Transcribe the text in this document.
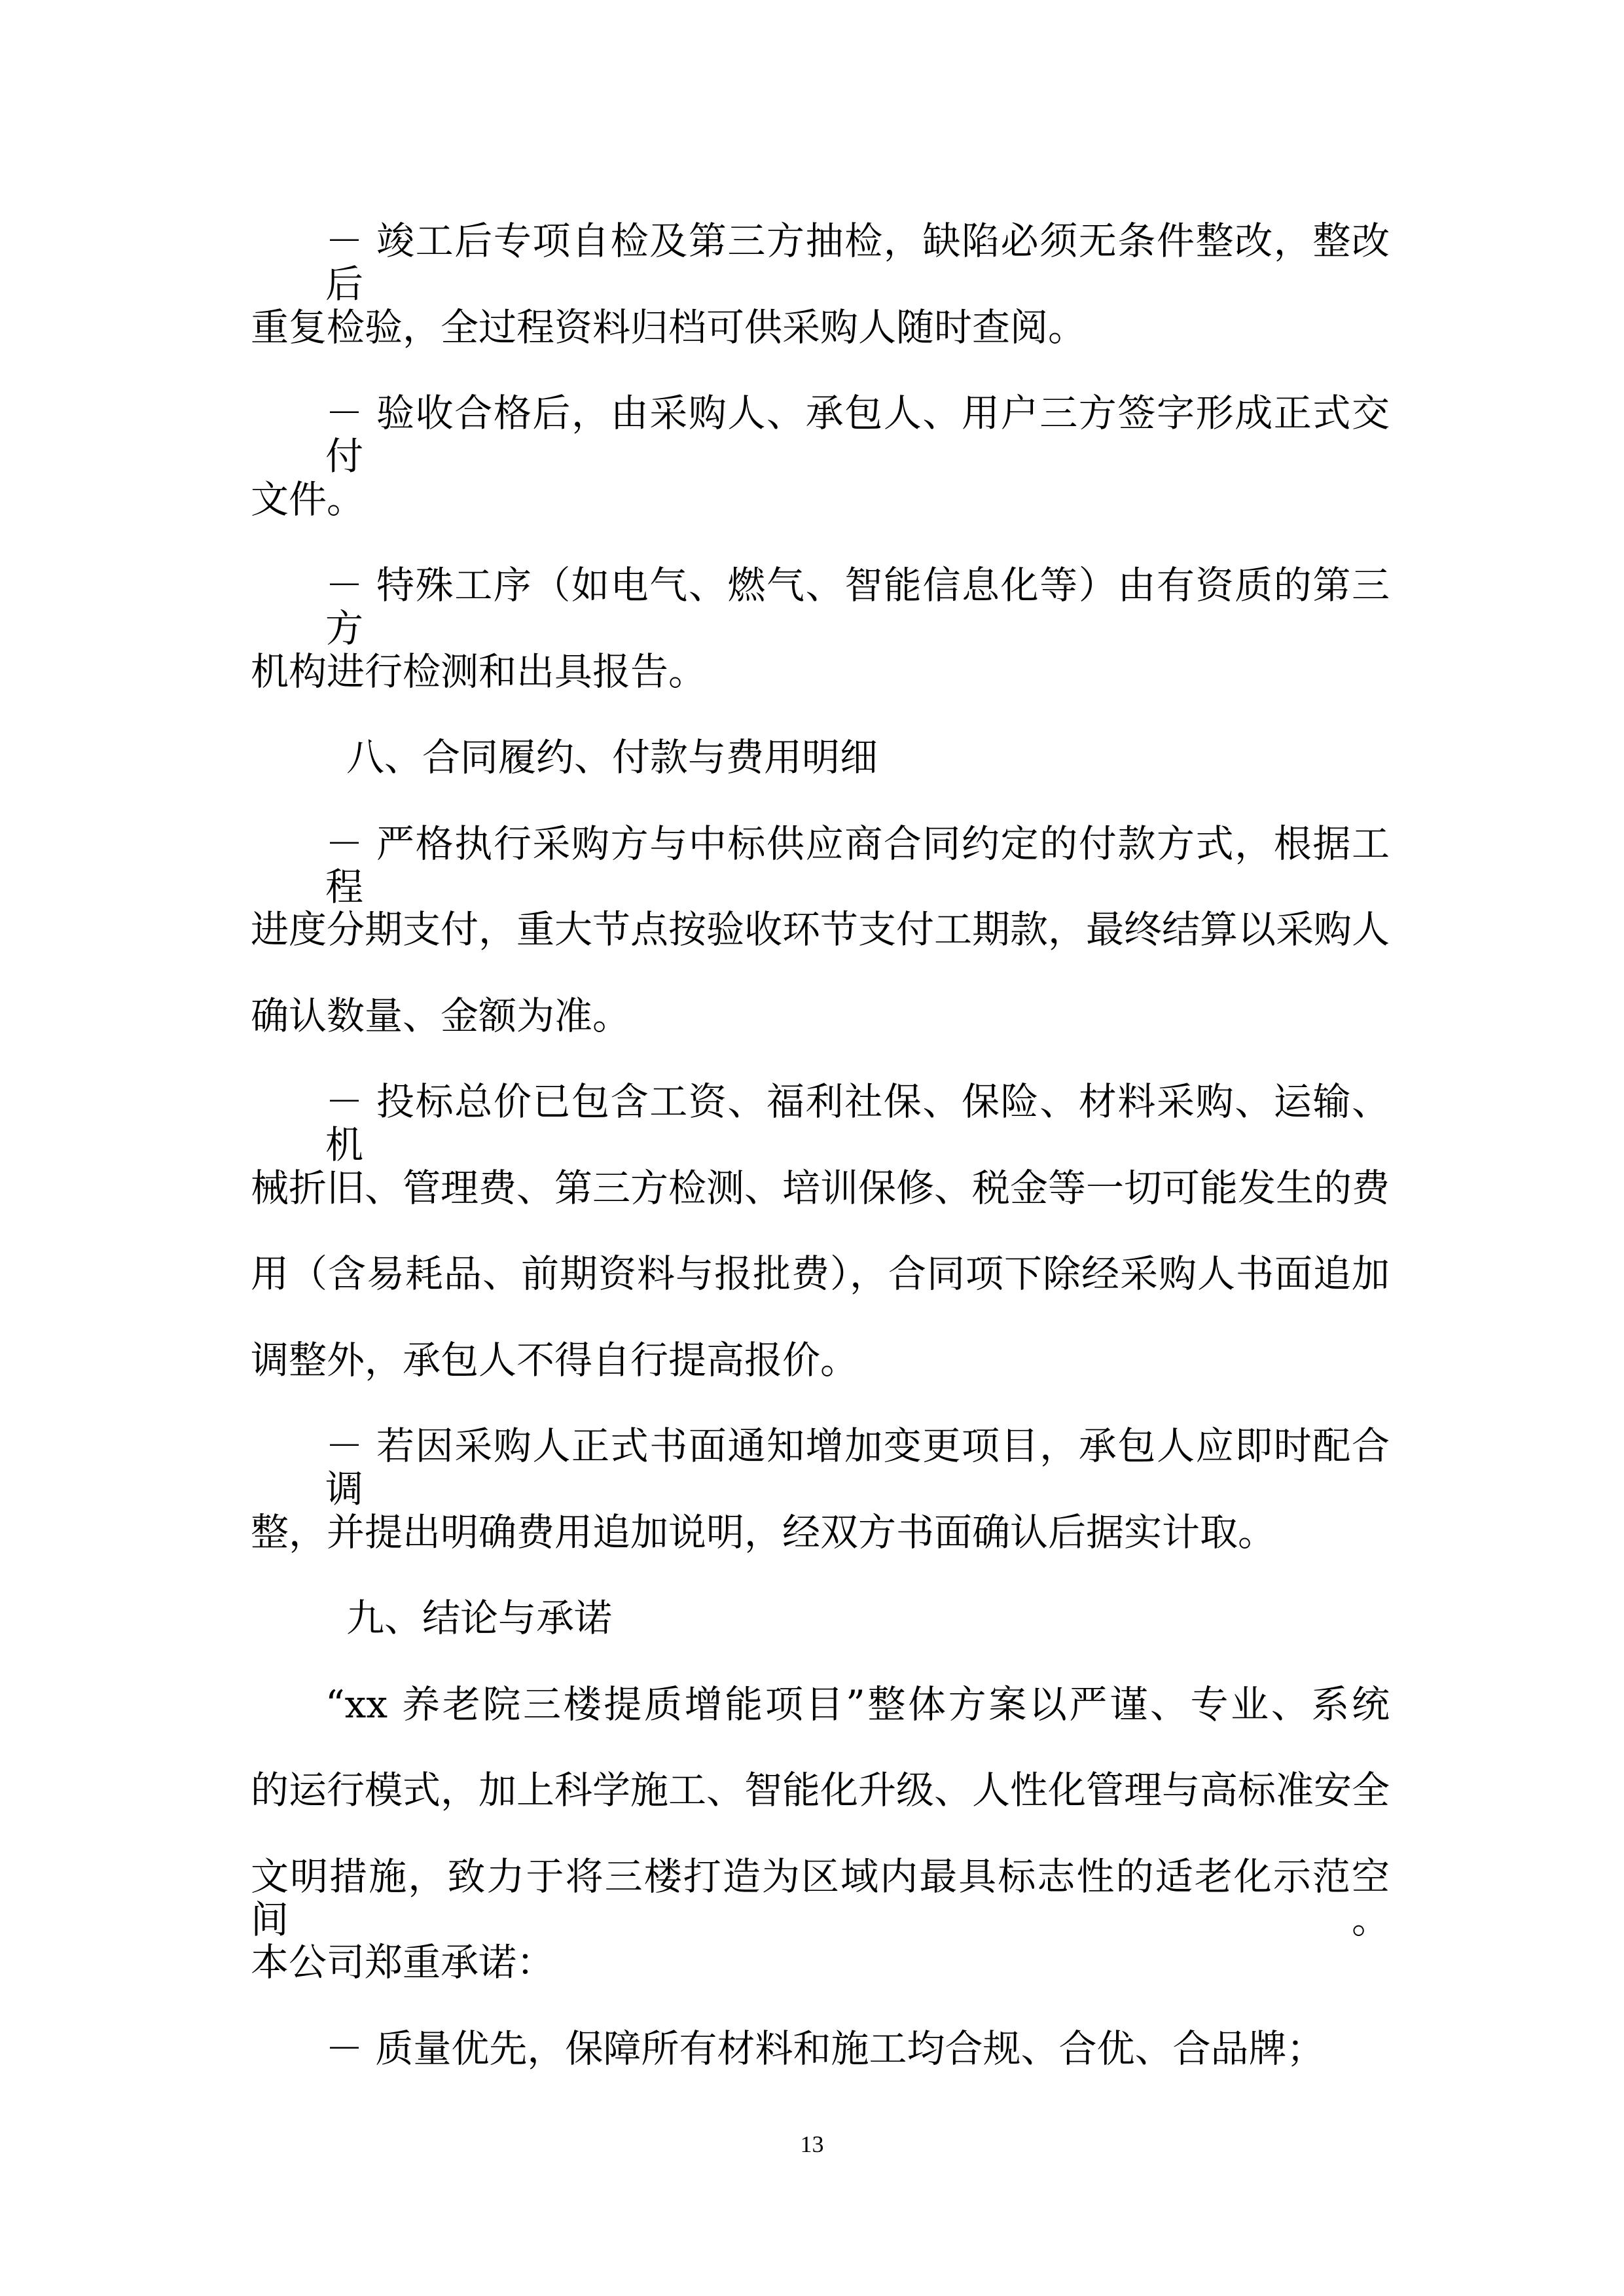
－ 竣工后专项自检及第三方抽检，缺陷必须无条件整改，整改后
重复检验，全过程资料归档可供采购人随时查阅。
－ 验收合格后，由采购人、承包人、用户三方签字形成正式交付
文件。
－ 特殊工序（如电气、燃气、智能信息化等）由有资质的第三方
机构进行检测和出具报告。
八、合同履约、付款与费用明细
－ 严格执行采购方与中标供应商合同约定的付款方式，根据工程
进度分期支付，重大节点按验收环节支付工期款，最终结算以采购人
确认数量、金额为准。
－ 投标总价已包含工资、福利社保、保险、材料采购、运输、机
械折旧、管理费、第三方检测、培训保修、税金等一切可能发生的费
用（含易耗品、前期资料与报批费），合同项下除经采购人书面追加
调整外，承包人不得自行提高报价。
－ 若因采购人正式书面通知增加变更项目，承包人应即时配合调
整，并提出明确费用追加说明，经双方书面确认后据实计取。
九、结论与承诺
“xx 养老院三楼提质增能项目”整体方案以严谨、专业、系统
的运行模式，加上科学施工、智能化升级、人性化管理与高标准安全
文明措施，致力于将三楼打造为区域内最具标志性的适老化示范空间。
本公司郑重承诺：
－ 质量优先，保障所有材料和施工均合规、合优、合品牌；
13
